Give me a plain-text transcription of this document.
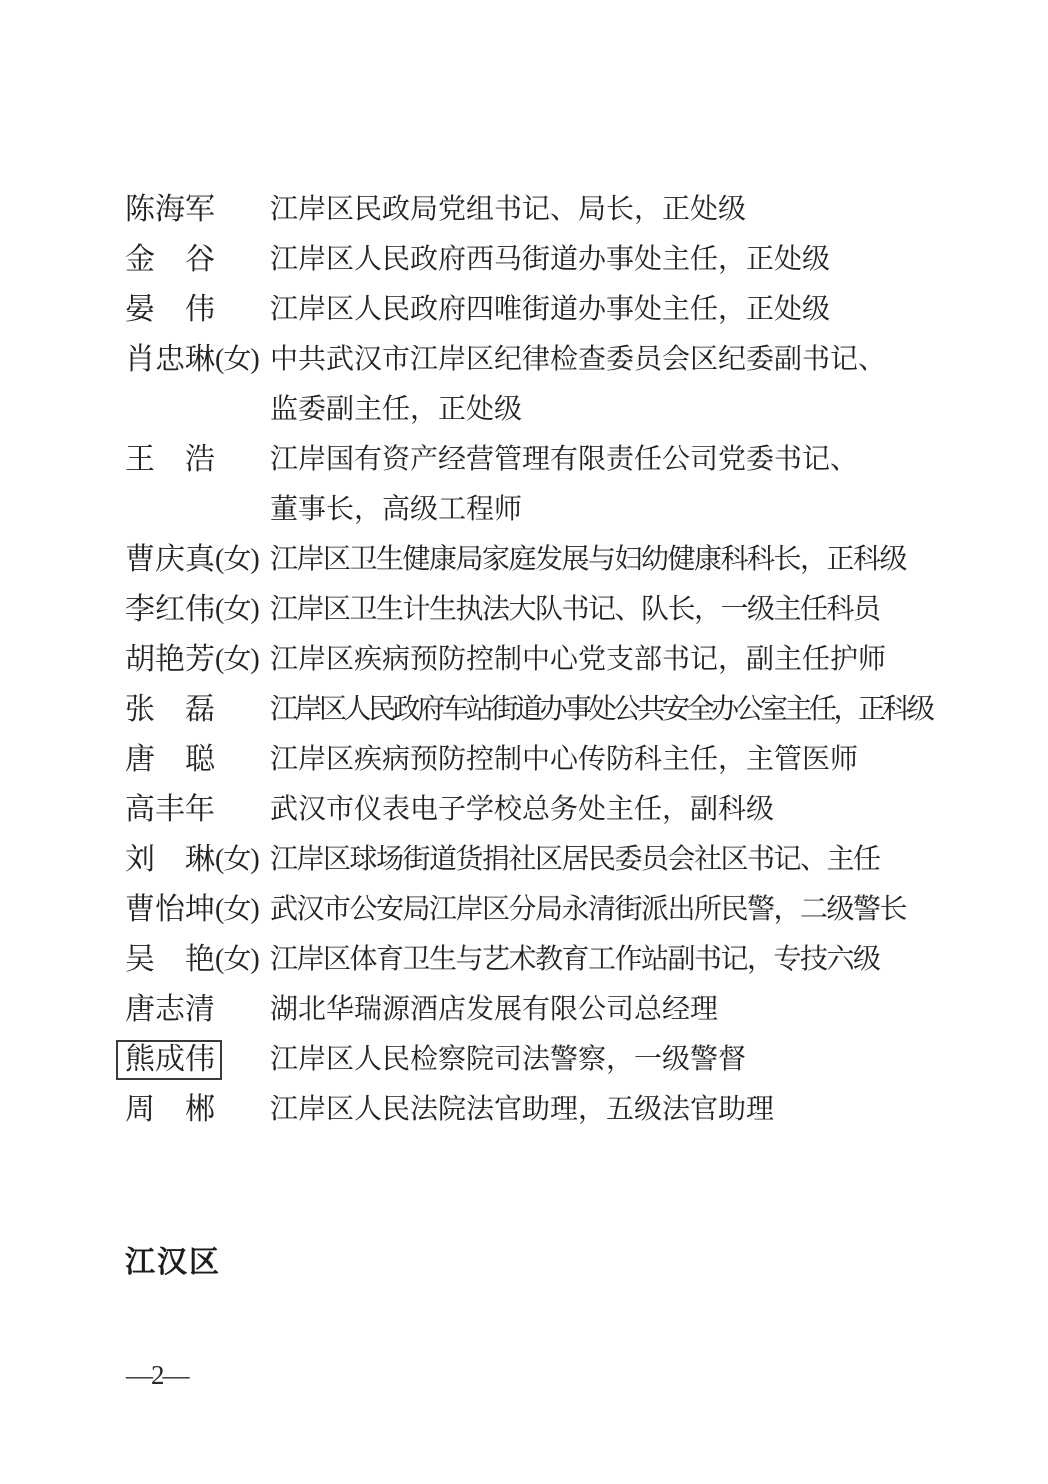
陈海军 江岸区民政局党组书记、局长，正处级
金谷 江岸区人民政府西马街道办事处主任，正处级
晏伟 江岸区人民政府四唯街道办事处主任，正处级
肖忠琳 (女) 中共武汉市江岸区纪律检查委员会区纪委副书记、
监委副主任，正处级
王浩 江岸国有资产经营管理有限责任公司党委书记、
董事长，高级工程师
曹庆真 (女) 江岸区卫生健康局家庭发展与妇幼健康科科长，正科级
李红伟 (女) 江岸区卫生计生执法大队书记、队长，一级主任科员
胡艳芳 (女) 江岸区疾病预防控制中心党支部书记，副主任护师
张磊 江岸区人民政府车站街道办事处公共安全办公室主任，正科级
唐聪 江岸区疾病预防控制中心传防科主任，主管医师
高丰年 武汉市仪表电子学校总务处主任，副科级
刘琳 (女) 江岸区球场街道货捐社区居民委员会社区书记、主任
曹怡坤 (女) 武汉市公安局江岸区分局永清街派出所民警，二级警长
吴艳 (女) 江岸区体育卫生与艺术教育工作站副书记，专技六级
唐志清 湖北华瑞源酒店发展有限公司总经理
熊成伟 江岸区人民检察院司法警察，一级警督
周郴 江岸区人民法院法官助理，五级法官助理
江汉区
—2—
